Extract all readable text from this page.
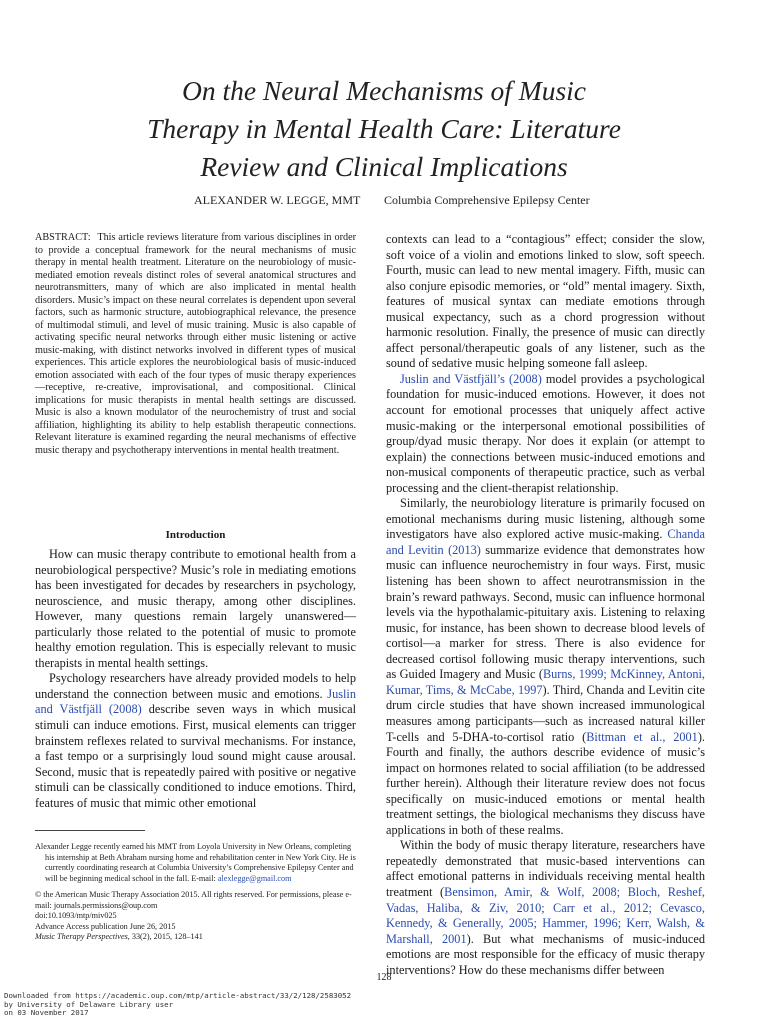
On the Neural Mechanisms of Music
Therapy in Mental Health Care: Literature
Review and Clinical Implications
ALEXANDER W. LEGGE, MMT Columbia Comprehensive Epilepsy Center
ABSTRACT: This article reviews literature from various disciplines in order to provide a conceptual framework for the neural mechanisms of music therapy in mental health treatment. Literature on the neurobiology of music-mediated emotion reveals distinct roles of several anatomical structures and neurotransmitters, many of which are also implicated in mental health disorders. Music’s impact on these neural correlates is dependent upon several factors, such as harmonic structure, autobiographical relevance, the presence of multimodal stimuli, and level of music training. Music is also capable of activating specific neural networks through either music listening or active music-making, with distinct networks involved in different types of musical experiences. This article explores the neurobiological basis of music-induced emotion associated with each of the four types of music therapy experiences—receptive, re-creative, improvisational, and compositional. Clinical implications for music therapists in mental health settings are discussed. Music is also a known modulator of the neurochemistry of trust and social affiliation, highlighting its ability to help establish therapeutic connections. Relevant literature is examined regarding the neural mechanisms of effective music therapy and psychotherapy interventions in mental health treatment.
Introduction

How can music therapy contribute to emotional health from a neurobiological perspective? Music’s role in mediating emotions has been investigated for decades by researchers in psychology, neuroscience, and music therapy, among other disciplines. However, many questions remain largely unanswered—particularly those related to the potential of music to promote healthy emotion regulation. This is especially relevant to music therapists in mental health settings.

Psychology researchers have already provided models to help understand the connection between music and emotions. Juslin and Västfjäll (2008) describe seven ways in which musical stimuli can induce emotions. First, musical elements can trigger brainstem reflexes related to survival mechanisms. For instance, a fast tempo or a surprisingly loud sound might cause arousal. Second, music that is repeatedly paired with positive or negative stimuli can be classically conditioned to induce emotions. Third, features of music that mimic other emotional

contexts can lead to a “contagious” effect; consider the slow, soft voice of a violin and emotions linked to slow, soft speech. Fourth, music can lead to new mental imagery. Fifth, music can also conjure episodic memories, or “old” mental imagery. Sixth, features of musical syntax can mediate emotions through musical expectancy, such as a chord progression without harmonic resolution. Finally, the presence of music can directly affect personal/therapeutic goals of any listener, such as the sound of sedative music helping someone fall asleep.

Juslin and Västfjäll’s (2008) model provides a psychological foundation for music-induced emotions. However, it does not account for emotional processes that uniquely affect active music-making or the interpersonal emotional possibilities of group/dyad music therapy. Nor does it explain (or attempt to explain) the connections between music-induced emotions and non-musical components of therapeutic practice, such as verbal processing and the client-therapist relationship.

Similarly, the neurobiology literature is primarily focused on emotional mechanisms during music listening, although some investigators have also explored active music-making. Chanda and Levitin (2013) summarize evidence that demonstrates how music can influence neurochemistry in four ways. First, music listening has been shown to affect neurotransmission in the brain’s reward pathways. Second, music can influence hormonal levels via the hypothalamic-pituitary axis. Listening to relaxing music, for instance, has been shown to decrease blood levels of cortisol—a marker for stress. There is also evidence for decreased cortisol following music therapy interventions, such as Guided Imagery and Music (Burns, 1999; McKinney, Antoni, Kumar, Tims, & McCabe, 1997). Third, Chanda and Levitin cite drum circle studies that have shown increased immunological measures among participants—such as increased natural killer T-cells and 5-DHA-to-cortisol ratio (Bittman et al., 2001). Fourth and finally, the authors describe evidence of music’s impact on hormones related to social affiliation (to be addressed further herein). Although their literature review does not focus specifically on music-induced emotions or mental health treatment settings, the biological mechanisms they discuss have applications in both of these realms.

Within the body of music therapy literature, researchers have repeatedly demonstrated that music-based interventions can affect emotional patterns in individuals receiving mental health treatment (Bensimon, Amir, & Wolf, 2008; Bloch, Reshef, Vadas, Haliba, & Ziv, 2010; Carr et al., 2012; Cevasco, Kennedy, & Generally, 2005; Hammer, 1996; Kerr, Walsh, & Marshall, 2001). But what mechanisms of music-induced emotions are most responsible for the efficacy of music therapy interventions? How do these mechanisms differ between

Alexander Legge recently earned his MMT from Loyola University in New Orleans, completing his internship at Beth Abraham nursing home and rehabilitation center in New York City. He is currently coordinating research at Columbia University’s Comprehensive Epilepsy Center and will be beginning medical school in the fall. E-mail: alexlegge@gmail.com

© the American Music Therapy Association 2015. All rights reserved. For permissions, please e-mail: journals.permissions@oup.com

doi:10.1093/mtp/miv025

Advance Access publication June 26, 2015

Music Therapy Perspectives, 33(2), 2015, 128–141

128
Downloaded from https://academic.oup.com/mtp/article-abstract/33/2/128/2583052
by University of Delaware Library user
on 03 November 2017
